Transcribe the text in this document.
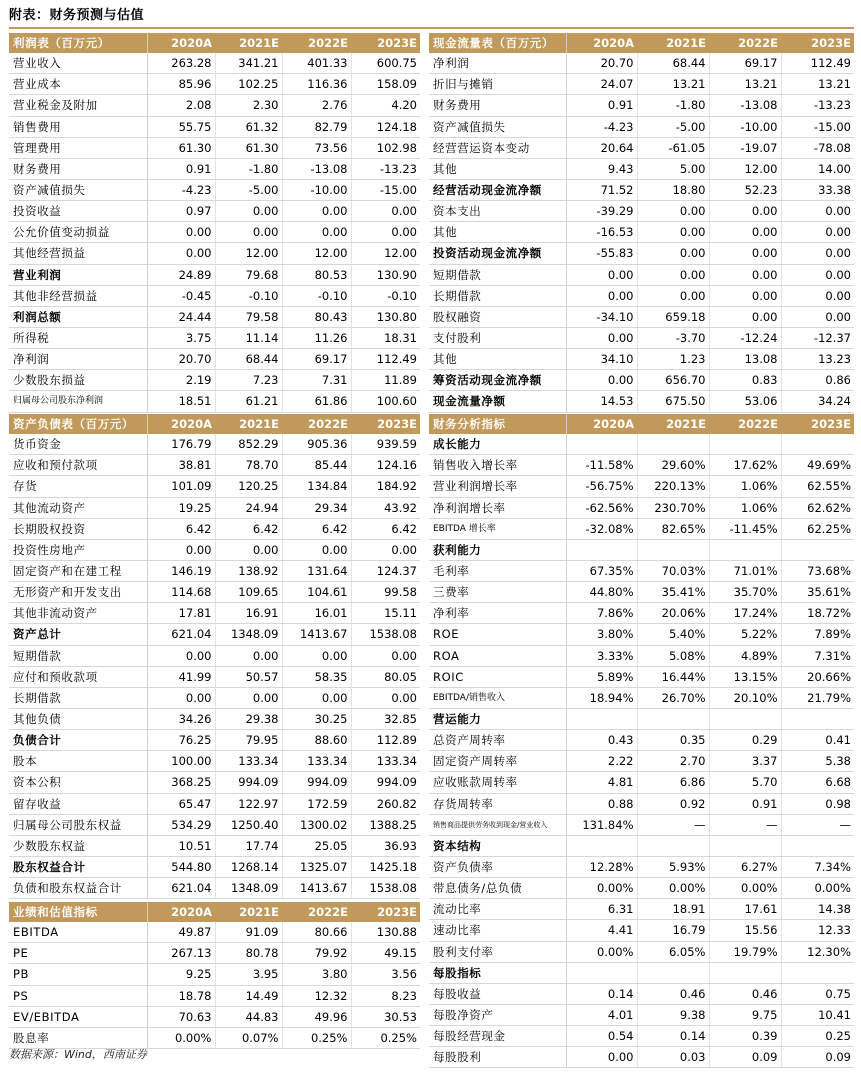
附表：财务预测与估值
利润表（百万元）	2020A	2021E	2022E	2023E
营业收入	263.28	341.21	401.33	600.75
营业成本	85.96	102.25	116.36	158.09
营业税金及附加	2.08	2.30	2.76	4.20
销售费用	55.75	61.32	82.79	124.18
管理费用	61.30	61.30	73.56	102.98
财务费用	0.91	-1.80	-13.08	-13.23
资产减值损失	-4.23	-5.00	-10.00	-15.00
投资收益	0.97	0.00	0.00	0.00
公允价值变动损益	0.00	0.00	0.00	0.00
其他经营损益	0.00	12.00	12.00	12.00
营业利润	24.89	79.68	80.53	130.90
其他非经营损益	-0.45	-0.10	-0.10	-0.10
利润总额	24.44	79.58	80.43	130.80
所得税	3.75	11.14	11.26	18.31
净利润	20.70	68.44	69.17	112.49
少数股东损益	2.19	7.23	7.31	11.89
归属母公司股东净利润	18.51	61.21	61.86	100.60
资产负债表（百万元）	2020A	2021E	2022E	2023E
货币资金	176.79	852.29	905.36	939.59
应收和预付款项	38.81	78.70	85.44	124.16
存货	101.09	120.25	134.84	184.92
其他流动资产	19.25	24.94	29.34	43.92
长期股权投资	6.42	6.42	6.42	6.42
投资性房地产	0.00	0.00	0.00	0.00
固定资产和在建工程	146.19	138.92	131.64	124.37
无形资产和开发支出	114.68	109.65	104.61	99.58
其他非流动资产	17.81	16.91	16.01	15.11
资产总计	621.04	1348.09	1413.67	1538.08
短期借款	0.00	0.00	0.00	0.00
应付和预收款项	41.99	50.57	58.35	80.05
长期借款	0.00	0.00	0.00	0.00
其他负债	34.26	29.38	30.25	32.85
负债合计	76.25	79.95	88.60	112.89
股本	100.00	133.34	133.34	133.34
资本公积	368.25	994.09	994.09	994.09
留存收益	65.47	122.97	172.59	260.82
归属母公司股东权益	534.29	1250.40	1300.02	1388.25
少数股东权益	10.51	17.74	25.05	36.93
股东权益合计	544.80	1268.14	1325.07	1425.18
负债和股东权益合计	621.04	1348.09	1413.67	1538.08
业绩和估值指标	2020A	2021E	2022E	2023E
EBITDA	49.87	91.09	80.66	130.88
PE	267.13	80.78	79.92	49.15
PB	9.25	3.95	3.80	3.56
PS	18.78	14.49	12.32	8.23
EV/EBITDA	70.63	44.83	49.96	30.53
股息率	0.00%	0.07%	0.25%	0.25%
现金流量表（百万元）	2020A	2021E	2022E	2023E
净利润	20.70	68.44	69.17	112.49
折旧与摊销	24.07	13.21	13.21	13.21
财务费用	0.91	-1.80	-13.08	-13.23
资产减值损失	-4.23	-5.00	-10.00	-15.00
经营营运资本变动	20.64	-61.05	-19.07	-78.08
其他	9.43	5.00	12.00	14.00
经营活动现金流净额	71.52	18.80	52.23	33.38
资本支出	-39.29	0.00	0.00	0.00
其他	-16.53	0.00	0.00	0.00
投资活动现金流净额	-55.83	0.00	0.00	0.00
短期借款	0.00	0.00	0.00	0.00
长期借款	0.00	0.00	0.00	0.00
股权融资	-34.10	659.18	0.00	0.00
支付股利	0.00	-3.70	-12.24	-12.37
其他	34.10	1.23	13.08	13.23
筹资活动现金流净额	0.00	656.70	0.83	0.86
现金流量净额	14.53	675.50	53.06	34.24
财务分析指标	2020A	2021E	2022E	2023E
成长能力				
销售收入增长率	-11.58%	29.60%	17.62%	49.69%
营业利润增长率	-56.75%	220.13%	1.06%	62.55%
净利润增长率	-62.56%	230.70%	1.06%	62.62%
EBITDA 增长率	-32.08%	82.65%	-11.45%	62.25%
获利能力				
毛利率	67.35%	70.03%	71.01%	73.68%
三费率	44.80%	35.41%	35.70%	35.61%
净利率	7.86%	20.06%	17.24%	18.72%
ROE	3.80%	5.40%	5.22%	7.89%
ROA	3.33%	5.08%	4.89%	7.31%
ROIC	5.89%	16.44%	13.15%	20.66%
EBITDA/销售收入	18.94%	26.70%	20.10%	21.79%
营运能力				
总资产周转率	0.43	0.35	0.29	0.41
固定资产周转率	2.22	2.70	3.37	5.38
应收账款周转率	4.81	6.86	5.70	6.68
存货周转率	0.88	0.92	0.91	0.98
销售商品提供劳务收到现金/营业收入	131.84%	—	—	—
资本结构				
资产负债率	12.28%	5.93%	6.27%	7.34%
带息债务/总负债	0.00%	0.00%	0.00%	0.00%
流动比率	6.31	18.91	17.61	14.38
速动比率	4.41	16.79	15.56	12.33
股利支付率	0.00%	6.05%	19.79%	12.30%
每股指标				
每股收益	0.14	0.46	0.46	0.75
每股净资产	4.01	9.38	9.75	10.41
每股经营现金	0.54	0.14	0.39	0.25
每股股利	0.00	0.03	0.09	0.09
数据来源：Wind，西南证券
